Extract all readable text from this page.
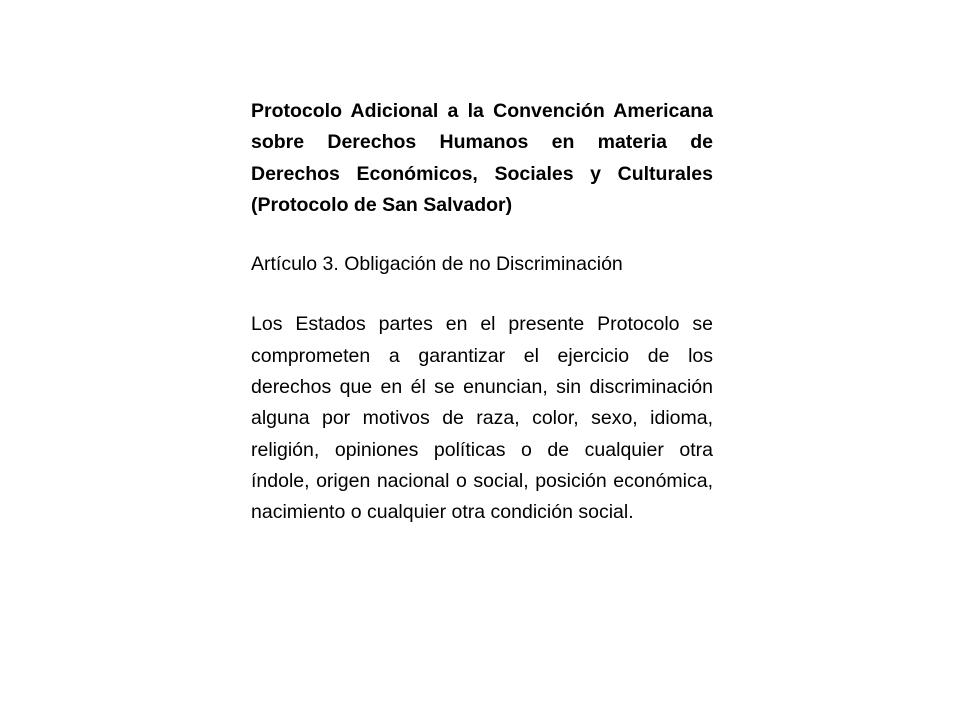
Protocolo Adicional a la Convención Americana sobre Derechos Humanos en materia de Derechos Económicos, Sociales y Culturales (Protocolo de San Salvador)

Artículo 3. Obligación de no Discriminación

Los Estados partes en el presente Protocolo se comprometen a garantizar el ejercicio de los derechos que en él se enuncian, sin discriminación alguna por motivos de raza, color, sexo, idioma, religión, opiniones políticas o de cualquier otra índole, origen nacional o social, posición económica, nacimiento o cualquier otra condición social.
